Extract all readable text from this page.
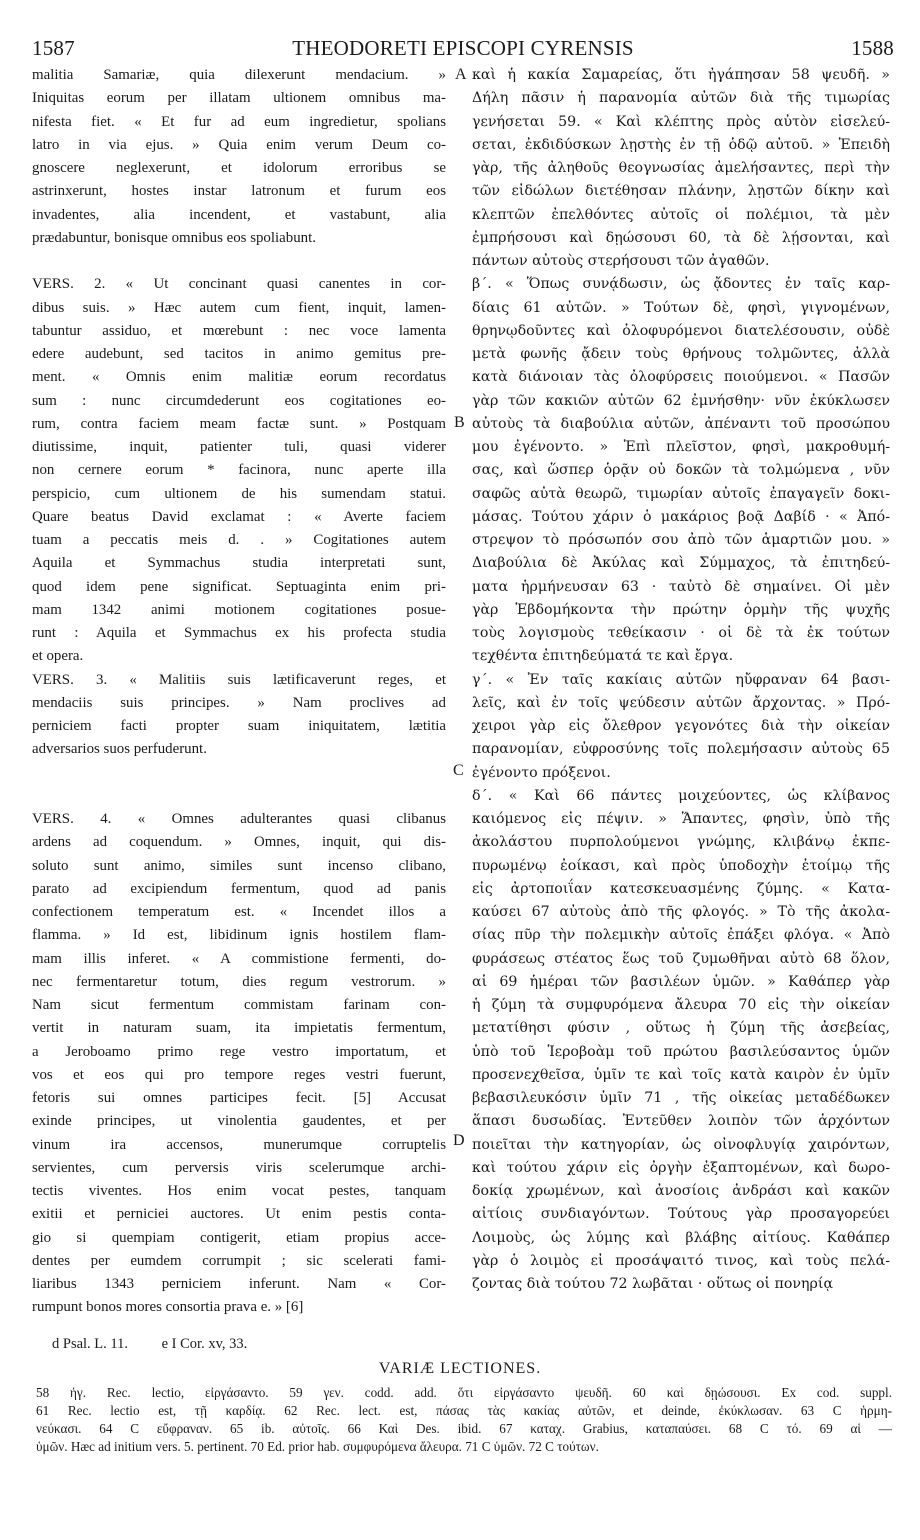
1587	THEODORETI EPISCOPI CYRENSIS	1588
malitia Samariæ, quia dilexerunt mendacium. »
Iniquitas eorum per illatam ultionem omnibus ma-
nifesta fiet. « Et fur ad eum ingredietur, spolians
latro in via ejus. » Quia enim verum Deum co-
gnoscere neglexerunt, et idolorum erroribus se
astrinxerunt, hostes instar latronum et furum eos
invadentes, alia incendent, et vastabunt, alia
prædabuntur, bonisque omnibus eos spoliabunt.
VERS. 2. « Ut concinant quasi canentes in cor-
dibus suis. » Hæc autem cum fient, inquit, lamen-
tabuntur assiduo, et mœrebunt : nec voce lamenta
edere audebunt, sed tacitos in animo gemitus pre-
ment. « Omnis enim malitiæ eorum recordatus
sum : nunc circumdederunt eos cogitationes eo-
rum, contra faciem meam factæ sunt. » Postquam
diutissime, inquit, patienter tuli, quasi viderer
non cernere eorum * facinora, nunc aperte illa
perspicio, cum ultionem de his sumendam statui.
Quare beatus David exclamat : « Averte faciem
tuam a peccatis meis d. . » Cogitationes autem
Aquila et Symmachus studia interpretati sunt,
quod idem pene significat. Septuaginta enim pri-
mam 1342 animi motionem cogitationes posue-
runt : Aquila et Symmachus ex his profecta studia
et opera.
VERS. 3. « Malitiis suis lætificaverunt reges, et
mendaciis suis principes. » Nam proclives ad
perniciem facti propter suam iniquitatem, lætitia
adversarios suos perfuderunt.
VERS. 4. « Omnes adulterantes quasi clibanus
ardens ad coquendum. » Omnes, inquit, qui dis-
soluto sunt animo, similes sunt incenso clibano,
parato ad excipiendum fermentum, quod ad panis
confectionem temperatum est. « Incendet illos a
flamma. » Id est, libidinum ignis hostilem flam-
mam illis inferet. « A commistione fermenti, do-
nec fermentaretur totum, dies regum vestrorum. »
Nam sicut fermentum commistam farinam con-
vertit in naturam suam, ita impietatis fermentum,
a Jeroboamo primo rege vestro importatum, et
vos et eos qui pro tempore reges vestri fuerunt,
fetoris sui omnes participes fecit. [5] Accusat
exinde principes, ut vinolentia gaudentes, et per
vinum ira accensos, munerumque corruptelis
servientes, cum perversis viris scelerumque archi-
tectis viventes. Hos enim vocat pestes, tanquam
exitii et perniciei auctores. Ut enim pestis conta-
gio si quempiam contigerit, etiam propius acce-
dentes per eumdem corrumpit ; sic scelerati fami-
liaribus 1343 perniciem inferunt. Nam « Cor-
rumpunt bonos mores consortia prava e. » [6]
καὶ ἡ κακία Σαμαρείας, ὅτι ἠγάπησαν 58 ψευδῆ. »
Δήλη πᾶσιν ἡ παρανομία αὐτῶν διὰ τῆς τιμωρίας
γενήσεται 59. « Καὶ κλέπτης πρὸς αὐτὸν εἰσελεύ-
σεται, ἐκδιδύσκων λῃστὴς ἐν τῇ ὁδῷ αὐτοῦ. » Ἐπειδὴ
γὰρ, τῆς ἀληθοῦς θεογνωσίας ἀμελήσαντες, περὶ τὴν
τῶν εἰδώλων διετέθησαν πλάνην, λῃστῶν δίκην καὶ
κλεπτῶν ἐπελθόντες αὐτοῖς οἱ πολέμιοι, τὰ μὲν
ἐμπρήσουσι καὶ δῃώσουσι 60, τὰ δὲ λῄσονται, καὶ
πάντων αὐτοὺς στερήσουσι τῶν ἀγαθῶν.
β΄. « Ὅπως συνᾴδωσιν, ὡς ᾄδοντες ἐν ταῖς καρ-
δίαις 61 αὐτῶν. » Τούτων δὲ, φησὶ, γιγνομένων,
θρηνῳδοῦντες καὶ ὀλοφυρόμενοι διατελέσουσιν, οὐδὲ
μετὰ φωνῆς ᾄδειν τοὺς θρήνους τολμῶντες, ἀλλὰ
κατὰ διάνοιαν τὰς ὀλοφύρσεις ποιούμενοι. « Πασῶν
γὰρ τῶν κακιῶν αὐτῶν 62 ἐμνήσθην· νῦν ἐκύκλωσεν
αὐτοὺς τὰ διαβούλια αὐτῶν, ἀπέναντι τοῦ προσώπου
μου ἐγένοντο. » Ἐπὶ πλεῖστον, φησὶ, μακροθυμή-
σας, καὶ ὥσπερ ὁρᾷν οὐ δοκῶν τὰ τολμώμενα , νῦν
σαφῶς αὐτὰ θεωρῶ, τιμωρίαν αὐτοῖς ἐπαγαγεῖν δοκι-
μάσας. Τούτου χάριν ὁ μακάριος βοᾷ Δαβίδ · « Ἀπό-
στρεψον τὸ πρόσωπόν σου ἀπὸ τῶν ἁμαρτιῶν μου. »
Διαβούλια δὲ Ἀκύλας καὶ Σύμμαχος, τὰ ἐπιτηδεύ-
ματα ἡρμήνευσαν 63 · ταὐτὸ δὲ σημαίνει. Οἱ μὲν
γὰρ Ἑβδομήκοντα τὴν πρώτην ὁρμὴν τῆς ψυχῆς
τοὺς λογισμοὺς τεθείκασιν · οἱ δὲ τὰ ἐκ τούτων
τεχθέντα ἐπιτηδεύματά τε καὶ ἔργα.
γ΄. « Ἐν ταῖς κακίαις αὐτῶν ηὔφραναν 64 βασι-
λεῖς, καὶ ἐν τοῖς ψεύδεσιν αὐτῶν ἄρχοντας. » Πρό-
χειροι γὰρ εἰς ὄλεθρον γεγονότες διὰ τὴν οἰκείαν
παρανομίαν, εὐφροσύνης τοῖς πολεμήσασιν αὐτοὺς 65
ἐγένοντο πρόξενοι.
δ΄. « Καὶ 66 πάντες μοιχεύοντες, ὡς κλίβανος
καιόμενος εἰς πέψιν. » Ἅπαντες, φησὶν, ὑπὸ τῆς
ἀκολάστου πυρπολούμενοι γνώμης, κλιβάνῳ ἐκπε-
πυρωμένῳ ἐοίκασι, καὶ πρὸς ὑποδοχὴν ἑτοίμῳ τῆς
εἰς ἀρτοποιΐαν κατεσκευασμένης ζύμης. « Κατα-
καύσει 67 αὐτοὺς ἀπὸ τῆς φλογός. » Τὸ τῆς ἀκολα-
σίας πῦρ τὴν πολεμικὴν αὐτοῖς ἐπάξει φλόγα. « Ἀπὸ
φυράσεως στέατος ἕως τοῦ ζυμωθῆναι αὐτὸ 68 ὅλον,
αἱ 69 ἡμέραι τῶν βασιλέων ὑμῶν. » Καθάπερ γὰρ
ἡ ζύμη τὰ συμφυρόμενα ἄλευρα 70 εἰς τὴν οἰκείαν
μετατίθησι φύσιν , οὕτως ἡ ζύμη τῆς ἀσεβείας,
ὑπὸ τοῦ Ἱεροβοὰμ τοῦ πρώτου βασιλεύσαντος ὑμῶν
προσενεχθεῖσα, ὑμῖν τε καὶ τοῖς κατὰ καιρὸν ἐν ὑμῖν
βεβασιλευκόσιν ὑμῖν 71 , τῆς οἰκείας μεταδέδωκεν
ἅπασι δυσωδίας. Ἐντεῦθεν λοιπὸν τῶν ἀρχόντων
ποιεῖται τὴν κατηγορίαν, ὡς οἰνοφλυγίᾳ χαιρόντων,
καὶ τούτου χάριν εἰς ὀργὴν ἐξαπτομένων, καὶ δωρο-
δοκίᾳ χρωμένων, καὶ ἀνοσίοις ἀνδράσι καὶ κακῶν
αἰτίοις συνδιαγόντων. Τούτους γὰρ προσαγορεύει
Λοιμοὺς, ὡς λύμης καὶ βλάβης αἰτίους. Καθάπερ
γὰρ ὁ λοιμὸς εἰ προσάψαιτό τινος, καὶ τοὺς πελά-
ζοντας διὰ τούτου 72 λωβᾶται · οὕτως οἱ πονηρίᾳ
A
B
C
D
d Psal. L. 11. e I Cor. xv, 33.
VARIÆ LECTIONES.
58 ἠγ. Rec. lectio, εἰργάσαντο. 59 γεν. codd. add. ὅτι εἰργάσαντο ψευδῆ. 60 καὶ δῃώσουσι. Ex cod. suppl.
61 Rec. lectio est, τῇ καρδίᾳ. 62 Rec. lect. est, πάσας τὰς κακίας αὐτῶν, et deinde, ἐκύκλωσαν. 63 C ἡρμη-
νεύκασι. 64 C εὔφραναν. 65 ib. αὐτοῖς. 66 Καὶ Des. ibid. 67 καταχ. Grabius, καταπαύσει. 68 C τό. 69 αἱ —
ὑμῶν. Hæc ad initium vers. 5. pertinent. 70 Ed. prior hab. συμφυρόμενα ἄλευρα. 71 C ὑμῶν. 72 C τούτων.
